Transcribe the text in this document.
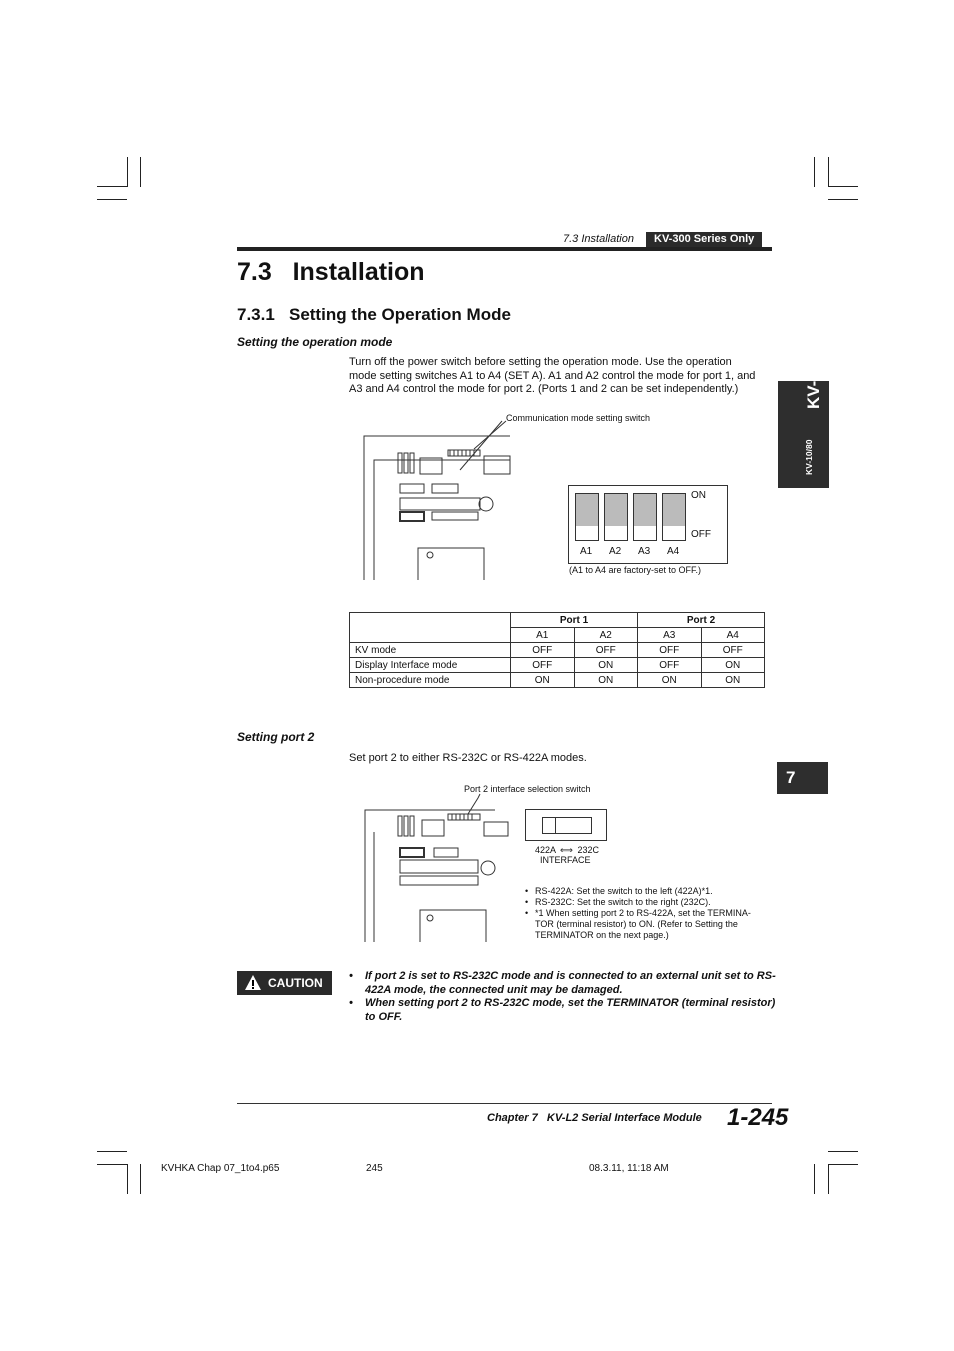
7.3 Installation	KV-300 Series Only
7.3   Installation
7.3.1   Setting the Operation Mode
KV-300
KV-10/80
7
Setting the operation mode
Turn off the power switch before setting the operation mode. Use the operation
mode setting switches A1 to A4 (SET A). A1 and A2 control the mode for port 1, and
A3 and A4 control the mode for port 2. (Ports 1 and 2 can be set independently.)
Communication mode setting switch
ON
OFF
A1 A2 A3 A4
(A1 to A4 are factory-set to OFF.)
	Port 1		Port 2	
	A1	A2	A3	A4
KV mode	OFF	OFF	OFF	OFF
Display Interface mode	OFF	ON	OFF	ON
Non-procedure mode	ON	ON	ON	ON
Setting port 2
Set port 2 to either RS-232C or RS-422A modes.
Port 2 interface selection switch
422A ⟺ 232C
INTERFACE
• RS-422A: Set the switch to the left (422A)*1.
• RS-232C: Set the switch to the right (232C).
• *1 When setting port 2 to RS-422A, set the TERMINA-TOR (terminal resistor) to ON. (Refer to Setting the TERMINATOR on the next page.)
CAUTION • If port 2 is set to RS-232C mode and is connected to an external unit set to RS-422A mode, the connected unit may be damaged.
• When setting port 2 to RS-232C mode, set the TERMINATOR (terminal resistor) to OFF.
Chapter 7   KV-L2 Serial Interface Module 1-245
KVHKA Chap 07_1to4.p65	245	08.3.11, 11:18 AM
